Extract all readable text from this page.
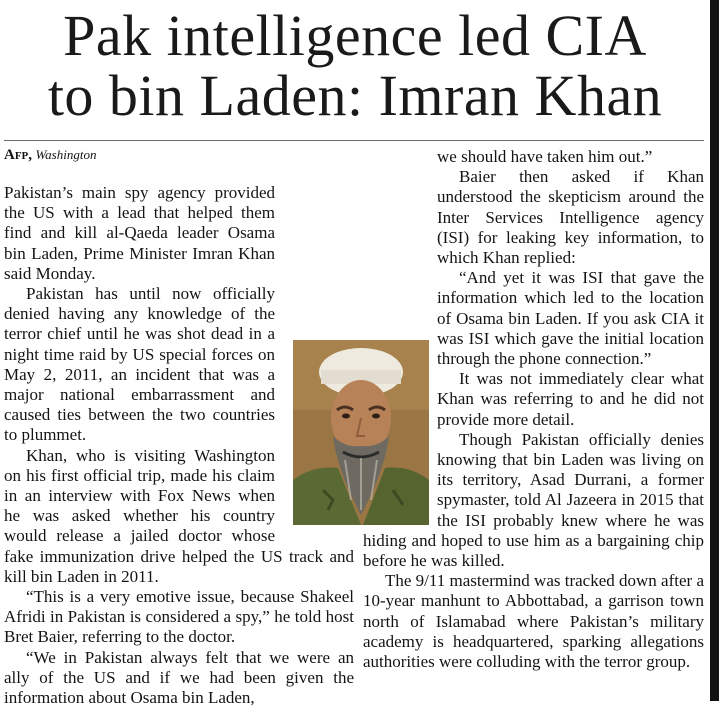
Pak intelligence led CIA
to bin Laden: Imran Khan
Afp, Washington

Pakistan’s main spy agency provided the US with a lead that helped them find and kill al-Qaeda leader Osama bin Laden, Prime Minister Imran Khan said Monday.

Pakistan has until now officially denied having any knowledge of the terror chief until he was shot dead in a night time raid by US special forces on May 2, 2011, an incident that was a major national embarrassment and caused ties between the two countries to plummet.

Khan, who is visiting Washington on his first official trip, made his claim in an interview with Fox News when he was asked whether his country would release a jailed doctor whose fake immunization drive helped the US track and kill bin Laden in 2011.

“This is a very emotive issue, because Shakeel Afridi in Pakistan is considered a spy,” he told host Bret Baier, referring to the doctor.

“We in Pakistan always felt that we were an ally of the US and if we had been given the information about Osama bin Laden,

we should have taken him out.”

Baier then asked if Khan understood the skepticism around the Inter Services Intelligence agency (ISI) for leaking key information, to which Khan replied:

“And yet it was ISI that gave the information which led to the location of Osama bin Laden. If you ask CIA it was ISI which gave the initial location through the phone connection.”

It was not immediately clear what Khan was referring to and he did not provide more detail.

Though Pakistan officially denies knowing that bin Laden was living on its territory, Asad Durrani, a former spymaster, told Al Jazeera in 2015 that the ISI probably knew where he was hiding and hoped to use him as a bargaining chip before he was killed.

The 9/11 mastermind was tracked down after a 10-year manhunt to Abbottabad, a garrison town north of Islamabad where Pakistan’s military academy is headquartered, sparking allegations authorities were colluding with the terror group.
